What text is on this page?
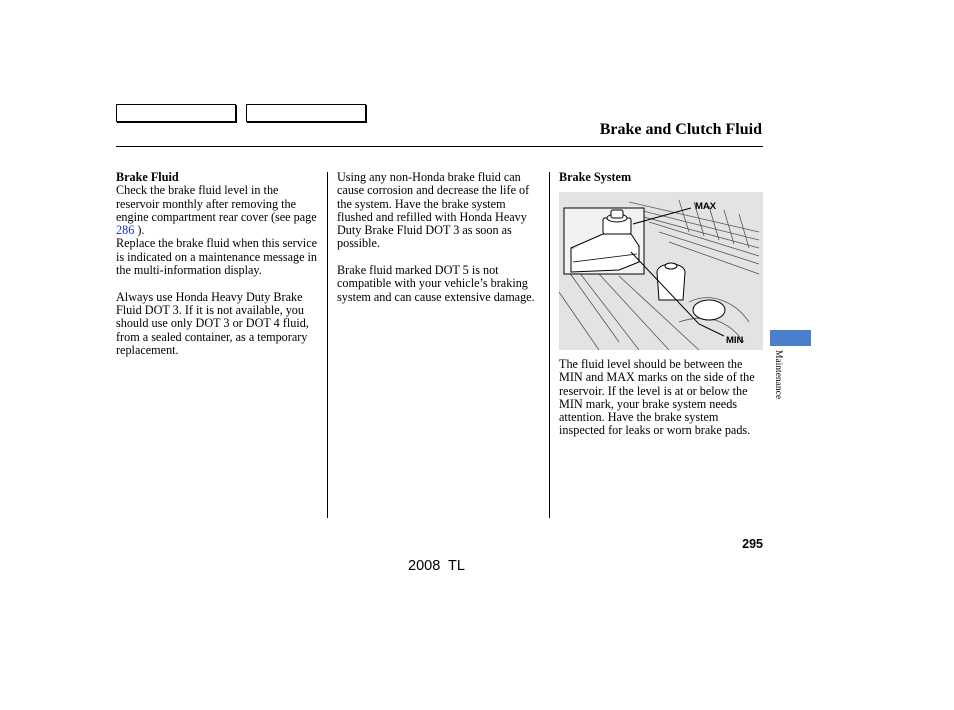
Brake and Clutch Fluid

Brake Fluid
Check the brake fluid level in the reservoir monthly after removing the engine compartment rear cover (see page 286 ).

Replace the brake fluid when this service is indicated on a maintenance message in the multi-information display.

Always use Honda Heavy Duty Brake Fluid DOT 3. If it is not available, you should use only DOT 3 or DOT 4 fluid, from a sealed container, as a temporary replacement.

Using any non-Honda brake fluid can cause corrosion and decrease the life of the system. Have the brake system flushed and refilled with Honda Heavy Duty Brake Fluid DOT 3 as soon as possible.

Brake fluid marked DOT 5 is not compatible with your vehicle’s braking system and can cause extensive damage.

Brake System
MAX
MIN
The fluid level should be between the MIN and MAX marks on the side of the reservoir. If the level is at or below the MIN mark, your brake system needs attention. Have the brake system inspected for leaks or worn brake pads.
Maintenance
295
2008  TL
